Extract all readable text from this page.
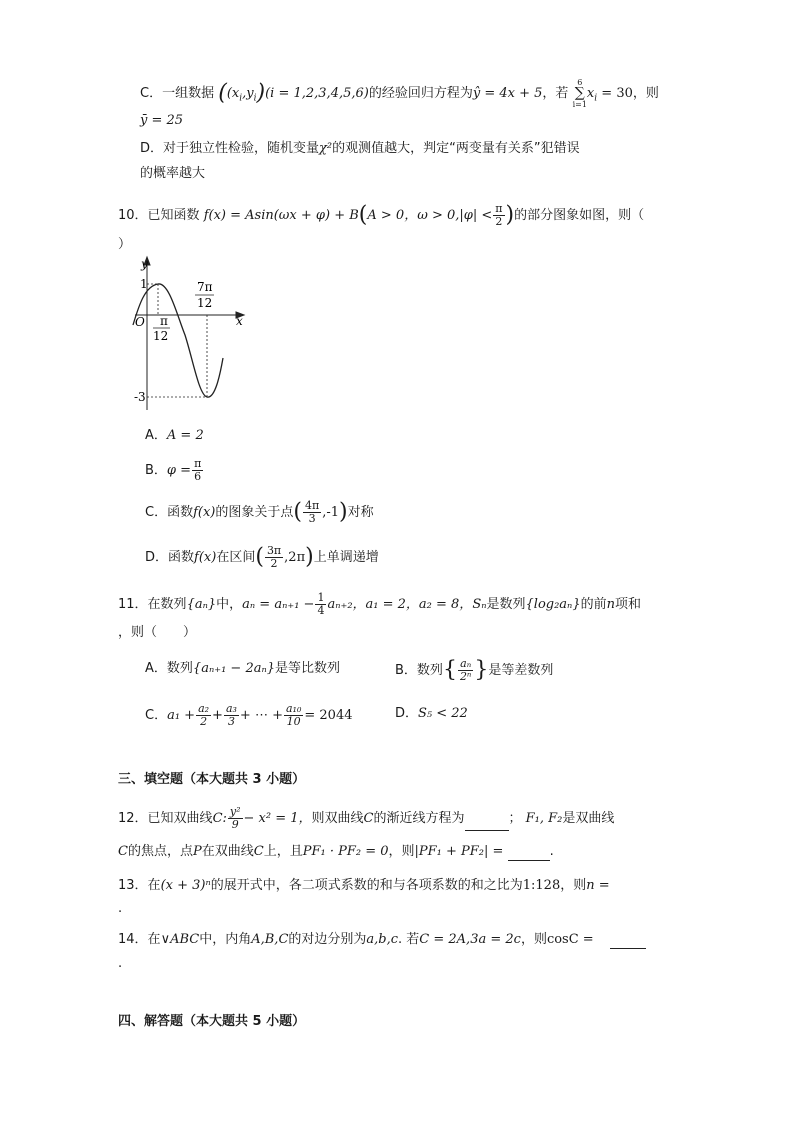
C．一组数据 ($(x_i,y_i)(i = 1,2,3,4,5,6)$的经验回归方程为ŷ = 4x + 5，若
6
∑
i=1
$x_i = 30$，则
ȳ = 25
D．对于独立性检验，随机变量χ²的观测值越大，判定“两变量有关系”犯错误
的概率越大
10．已知函数 f(x) = Asin(ωx + φ) + B(A > 0，$\omega > 0,|\varphi| < \frac{\pi}{2}$ )的部分图象如图，则（
）
y
x
O
1
-3
π
12
7π
12
A．A = 2
B．$\varphi = \frac{\pi}{6}$
C．函数f(x)的图象关于点( $\frac{4\pi}{3} ,-1$)对称
D．函数f(x)在区间( $\frac{3\pi}{2} ,2\pi$)上单调递增
11．在数列{aₙ}中，$a_n = a_{n+1} - \frac{1}{4} a_{n+2}$，a₁ = 2，a₂ = 8，Sₙ是数列{log₂aₙ}的前n项和
，则（　　）
A．数列{aₙ₊₁ − 2aₙ}是等比数列	B．数列{ $\frac{\text{aₙ}}{\text{2ⁿ}}$ }是等差数列
C．$a_1 + \frac{\text{a₂}}{2} + \frac{\text{a₃}}{3}$ + ⋯ + $\frac{\text{a₁₀}}{10} = 2044$	D．S₅ < 22
三、填空题（本大题共 3 小题）
12．已知双曲线C: $\frac{\text{y²}}{9} - x^2 = 1$，则双曲线C的渐近线方程为	； F₁, F₂是双曲线
C的焦点，点P在双曲线C上，且PF₁ · PF₂ = 0，则|PF₁ + PF₂| =	.
13．在(x + 3)ⁿ的展开式中，各二项式系数的和与各项系数的和之比为1:128，则n =
.
14．在∨ABC中，内角A,B,C的对边分别为a,b,c. 若C = 2A,3a = 2c，则cosC =
.
四、解答题（本大题共 5 小题）
